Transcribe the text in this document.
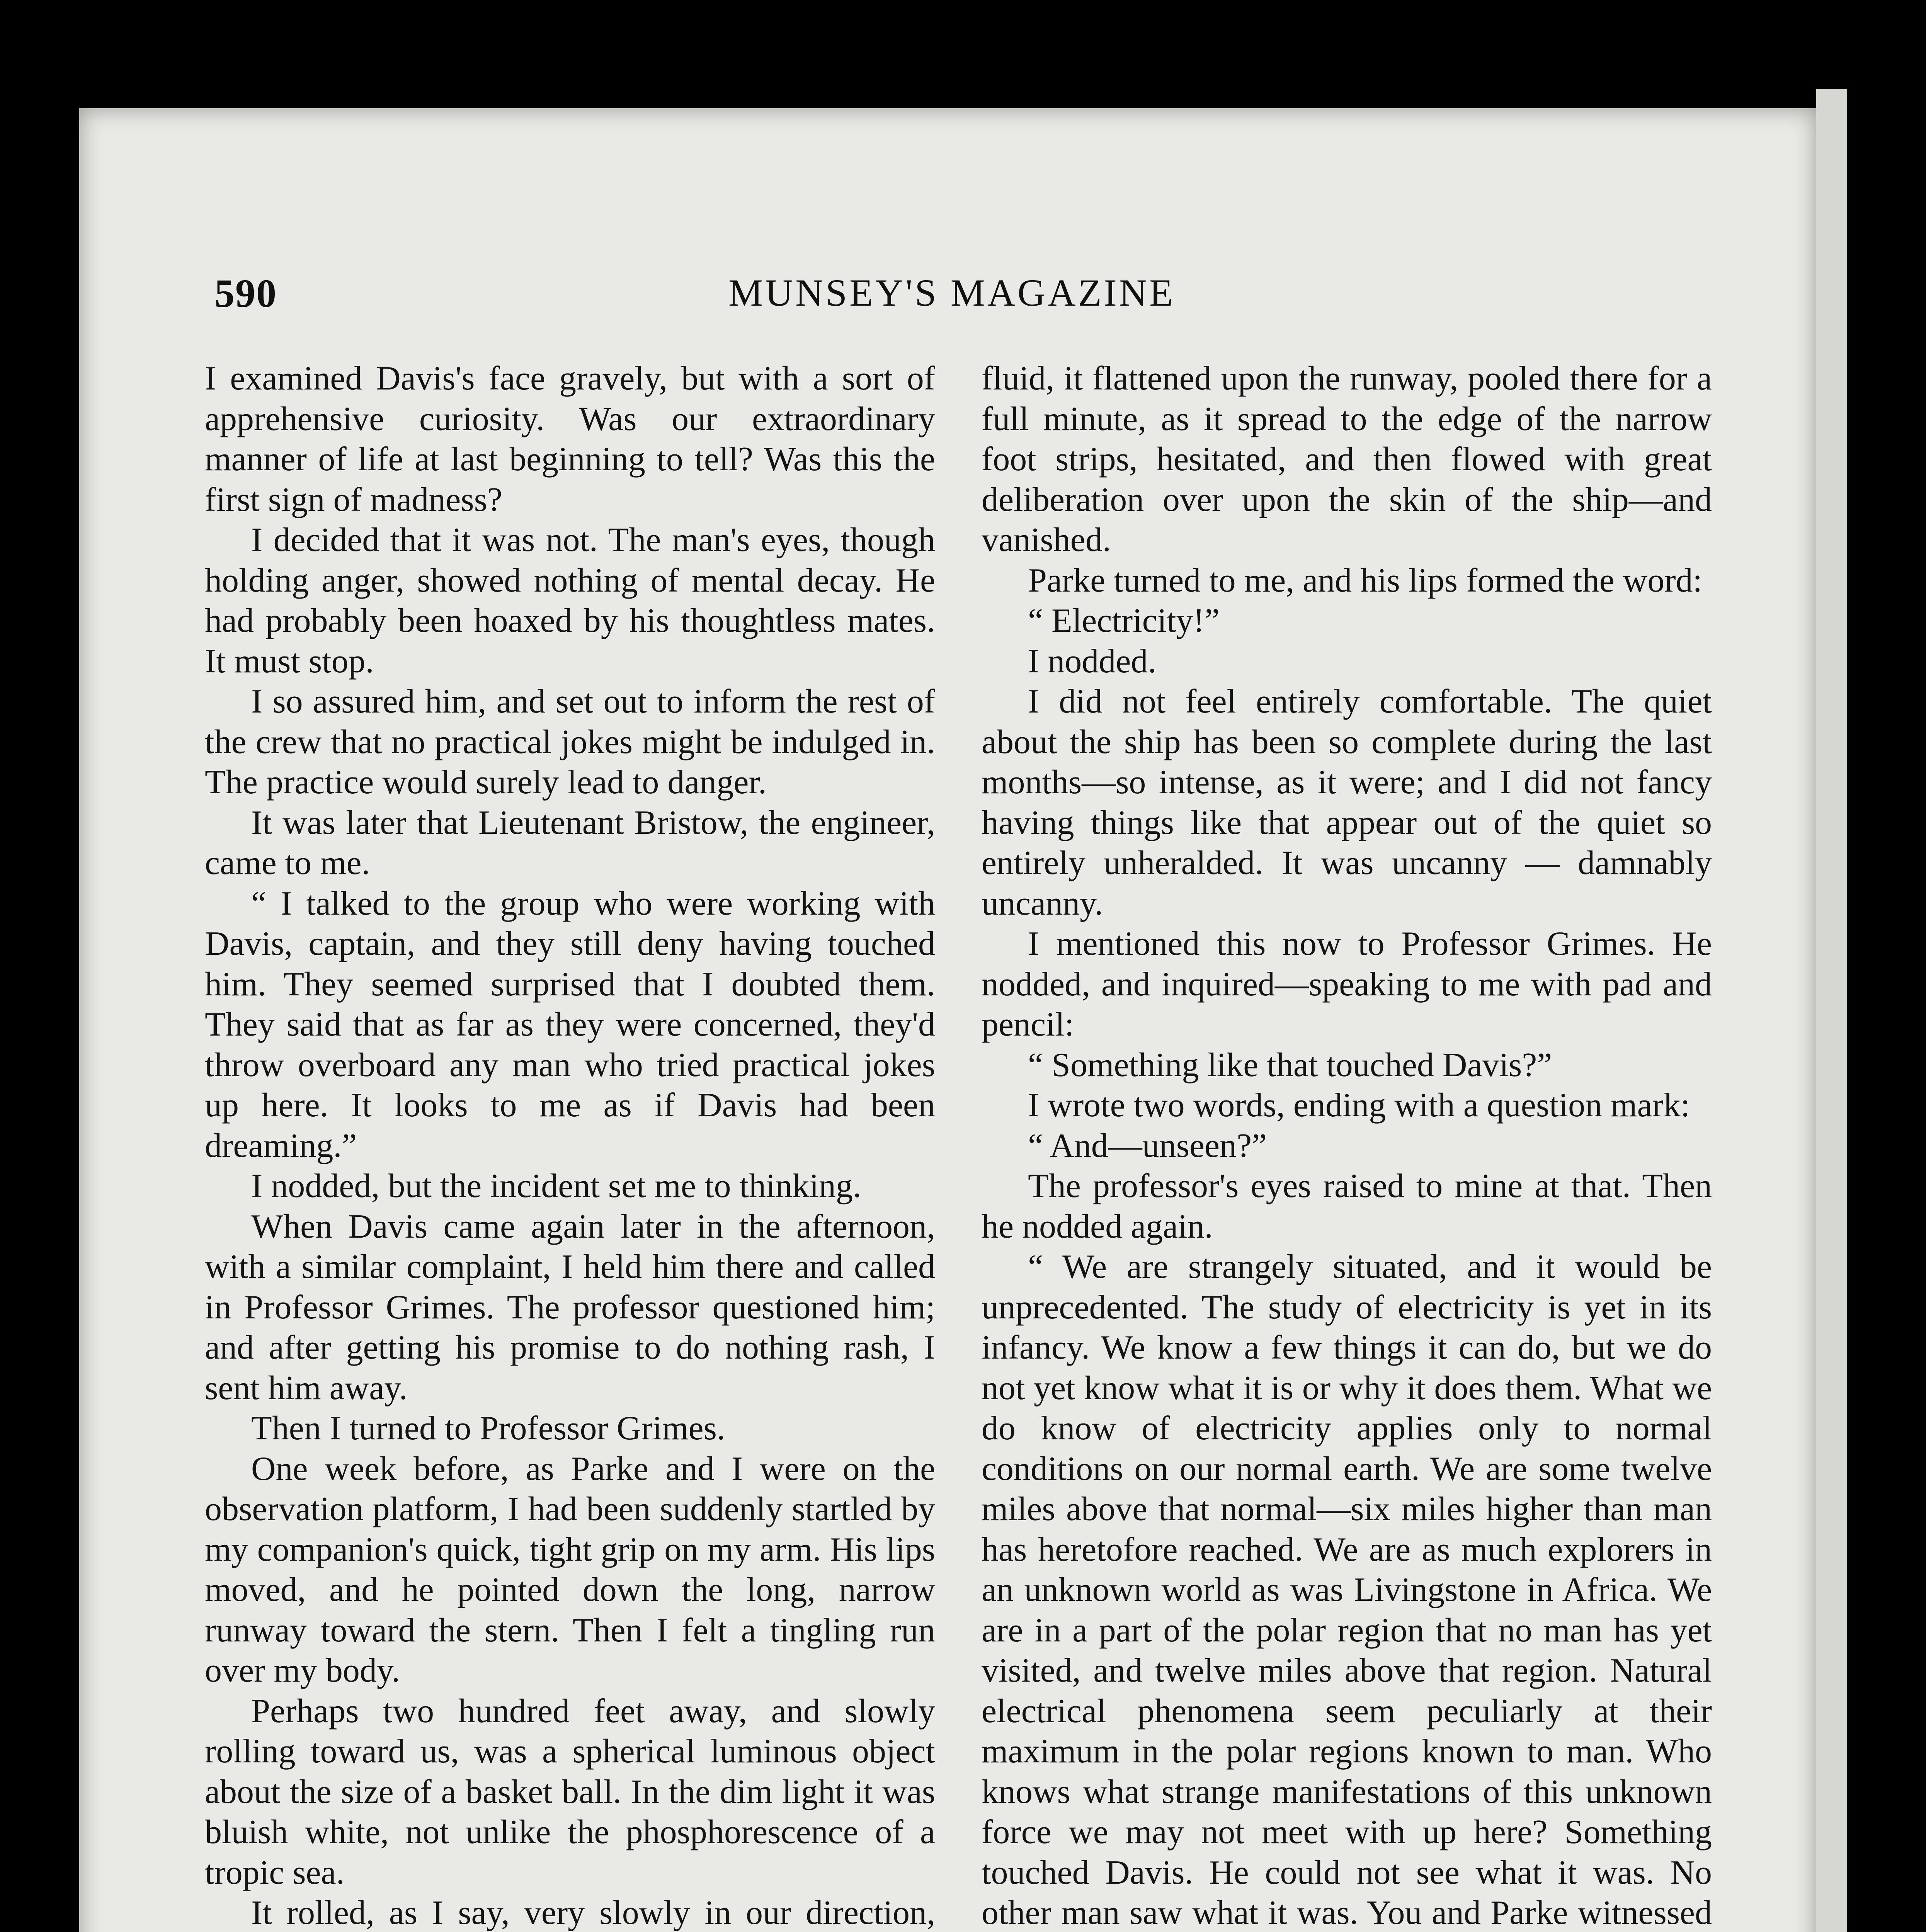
590	MUNSEY'S MAGAZINE

I examined Davis's face gravely, but with a sort of apprehensive curiosity. Was our extraordinary manner of life at last beginning to tell? Was this the first sign of madness?

I decided that it was not. The man's eyes, though holding anger, showed nothing of mental decay. He had probably been hoaxed by his thoughtless mates. It must stop.

I so assured him, and set out to inform the rest of the crew that no practical jokes might be indulged in. The practice would surely lead to danger.

It was later that Lieutenant Bristow, the engineer, came to me.

“ I talked to the group who were working with Davis, captain, and they still deny having touched him. They seemed surprised that I doubted them. They said that as far as they were concerned, they'd throw overboard any man who tried practical jokes up here. It looks to me as if Davis had been dreaming.”

I nodded, but the incident set me to thinking.

When Davis came again later in the afternoon, with a similar complaint, I held him there and called in Professor Grimes. The professor questioned him; and after getting his promise to do nothing rash, I sent him away.

Then I turned to Professor Grimes.

One week before, as Parke and I were on the observation platform, I had been suddenly startled by my companion's quick, tight grip on my arm. His lips moved, and he pointed down the long, narrow runway toward the stern. Then I felt a tingling run over my body.

Perhaps two hundred feet away, and slowly rolling toward us, was a spherical luminous object about the size of a basket ball. In the dim light it was bluish white, not unlike the phosphorescence of a tropic sea.

It rolled, as I say, very slowly in our direction,

fluid, it flattened upon the runway, pooled there for a full minute, as it spread to the edge of the narrow foot strips, hesitated, and then flowed with great deliberation over upon the skin of the ship—and vanished.

Parke turned to me, and his lips formed the word:

“ Electricity!”

I nodded.

I did not feel entirely comfortable. The quiet about the ship has been so complete during the last months—so intense, as it were; and I did not fancy having things like that appear out of the quiet so entirely unheralded. It was uncanny — damnably uncanny.

I mentioned this now to Professor Grimes. He nodded, and inquired—speaking to me with pad and pencil:

“ Something like that touched Davis?”

I wrote two words, ending with a question mark:

“ And—unseen?”

The professor's eyes raised to mine at that. Then he nodded again.

“ We are strangely situated, and it would be unprecedented. The study of electricity is yet in its infancy. We know a few things it can do, but we do not yet know what it is or why it does them. What we do know of electricity applies only to normal conditions on our normal earth. We are some twelve miles above that normal—six miles higher than man has heretofore reached. We are as much explorers in an unknown world as was Livingstone in Africa. We are in a part of the polar region that no man has yet visited, and twelve miles above that region. Natural electrical phenomena seem peculiarly at their maximum in the polar regions known to man. Who knows what strange manifestations of this unknown force we may not meet with up here? Something touched Davis. He could not see what it was. No other man saw what it was. You and Parke witnessed
